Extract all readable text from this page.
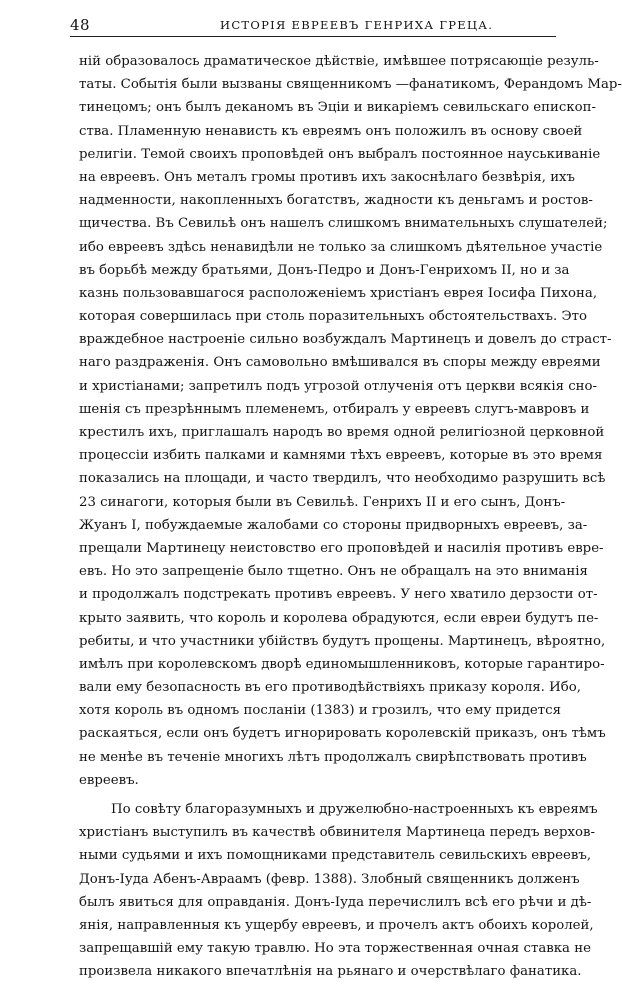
48	ИСТОРІЯ ЕВРЕЕВЪ ГЕНРИХА ГРЕЦА.
ній образовалось драматическое дѣйствіе, имѣвшее потрясающіе резуль-
таты. Событія были вызваны священникомъ —фанатикомъ, Ферандомъ Мар-
тинецомъ; онъ былъ деканомъ въ Эціи и викаріемъ севильскаго епископ-
ства. Пламенную ненависть къ евреямъ онъ положилъ въ основу своей
религіи. Темой своихъ проповѣдей онъ выбралъ постоянное науськиваніе
на евреевъ. Онъ металъ громы противъ ихъ закоснѣлаго безвѣрія, ихъ
надменности, накопленныхъ богатствъ, жадности къ деньгамъ и ростов-
щичества. Въ Севильѣ онъ нашелъ слишкомъ внимательныхъ слушателей;
ибо евреевъ здѣсь ненавидѣли не только за слишкомъ дѣятельное участіе
въ борьбѣ между братьями, Донъ-Педро и Донъ-Генрихомъ II, но и за
казнь пользовавшагося расположеніемъ христіанъ еврея Іосифа Пихона,
которая совершилась при столь поразительныхъ обстоятельствахъ. Это
враждебное настроеніе сильно возбуждалъ Мартинецъ и довелъ до страст-
наго раздраженія. Онъ самовольно вмѣшивался въ споры между евреями
и христіанами; запретилъ подъ угрозой отлученія отъ церкви всякія сно-
шенія съ презрѣннымъ племенемъ, отбиралъ у евреевъ слугъ-мавровъ и
крестилъ ихъ, приглашалъ народъ во время одной религіозной церковной
процессіи избить палками и камнями тѣхъ евреевъ, которые въ это время
показались на площади, и часто твердилъ, что необходимо разрушить всѣ
23 синагоги, которыя были въ Севильѣ. Генрихъ II и его сынъ, Донъ-
Жуанъ I, побуждаемые жалобами со стороны придворныхъ евреевъ, за-
прещали Мартинецу неистовство его проповѣдей и насилія противъ евре-
евъ. Но это запрещеніе было тщетно. Онъ не обращалъ на это вниманія
и продолжалъ подстрекать противъ евреевъ. У него хватило дерзости от-
крыто заявить, что король и королева обрадуются, если евреи будутъ пе-
ребиты, и что участники убійствъ будутъ прощены. Мартинецъ, вѣроятно,
имѣлъ при королевскомъ дворѣ единомышленниковъ, которые гарантиро-
вали ему безопасность въ его противодѣйствіяхъ приказу короля. Ибо,
хотя король въ одномъ посланіи (1383) и грозилъ, что ему придется
раскаяться, если онъ будетъ игнорировать королевскій приказъ, онъ тѣмъ
не менѣе въ теченіе многихъ лѣтъ продолжалъ свирѣпствовать противъ
евреевъ.
По совѣту благоразумныхъ и дружелюбно-настроенныхъ къ евреямъ
христіанъ выступилъ въ качествѣ обвинителя Мартинеца передъ верхов-
ными судьями и ихъ помощниками представитель севильскихъ евреевъ,
Донъ-Іуда Абенъ-Авраамъ (февр. 1388). Злобный священникъ долженъ
былъ явиться для оправданія. Донъ-Іуда перечислилъ всѣ его рѣчи и дѣ-
янія, направленныя къ ущербу евреевъ, и прочелъ актъ обоихъ королей,
запрещавшій ему такую травлю. Но эта торжественная очная ставка не
произвела никакого впечатлѣнія на рьянаго и очерствѣлаго фанатика.
